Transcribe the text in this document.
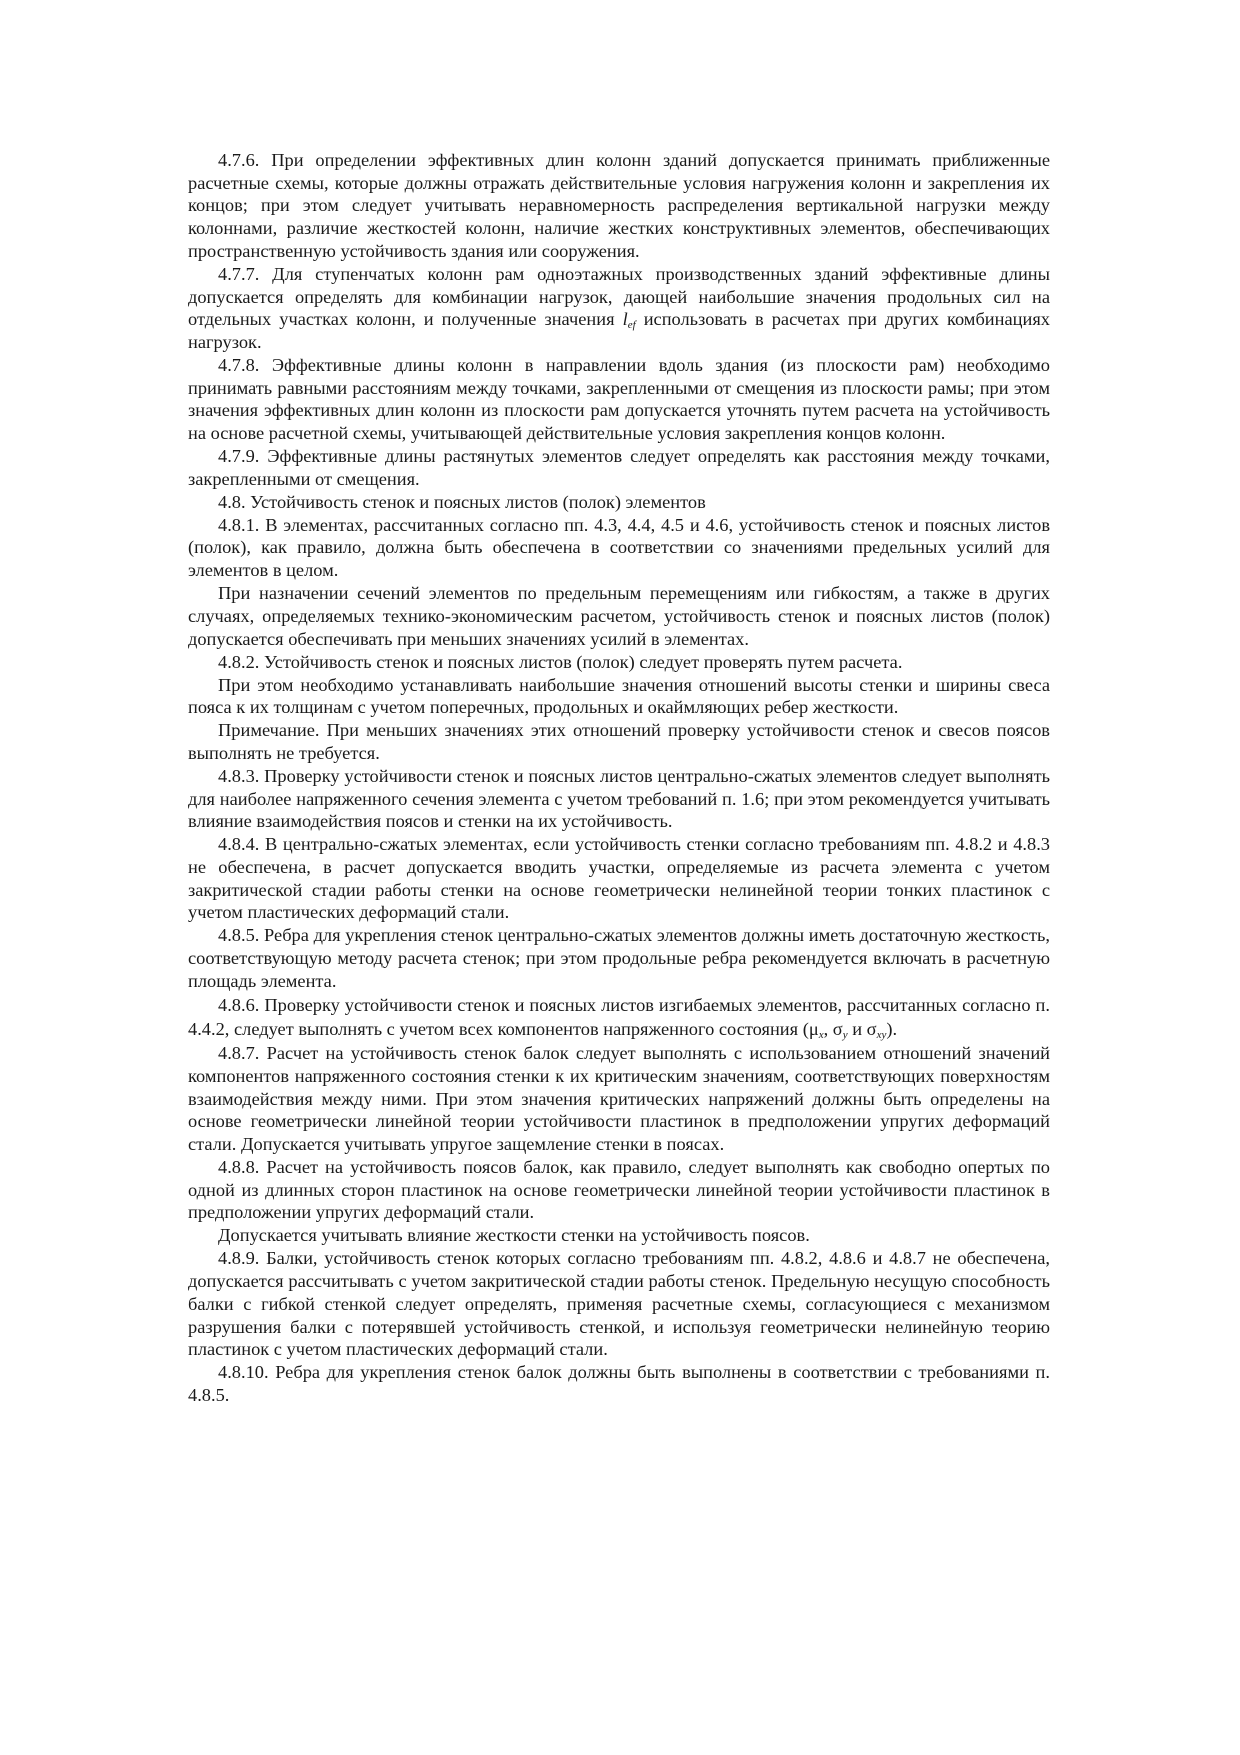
4.7.6. При определении эффективных длин колонн зданий допускается принимать приближенные расчетные схемы, которые должны отражать действительные условия нагружения колонн и закрепления их концов; при этом следует учитывать неравномерность распределения вертикальной нагрузки между колоннами, различие жесткостей колонн, наличие жестких конструктивных элементов, обеспечивающих пространственную устойчивость здания или сооружения.

4.7.7. Для ступенчатых колонн рам одноэтажных производственных зданий эффективные длины допускается определять для комбинации нагрузок, дающей наибольшие значения продольных сил на отдельных участках колонн, и полученные значения $l_{ef}$ использовать в расчетах при других комбинациях нагрузок.

4.7.8. Эффективные длины колонн в направлении вдоль здания (из плоскости рам) необходимо принимать равными расстояниям между точками, закрепленными от смещения из плоскости рамы; при этом значения эффективных длин колонн из плоскости рам допускается уточнять путем расчета на устойчивость на основе расчетной схемы, учитывающей действительные условия закрепления концов колонн.

4.7.9. Эффективные длины растянутых элементов следует определять как расстояния между точками, закрепленными от смещения.

4.8. Устойчивость стенок и поясных листов (полок) элементов

4.8.1. В элементах, рассчитанных согласно пп. 4.3, 4.4, 4.5 и 4.6, устойчивость стенок и поясных листов (полок), как правило, должна быть обеспечена в соответствии со значениями предельных усилий для элементов в целом.

При назначении сечений элементов по предельным перемещениям или гибкостям, а также в других случаях, определяемых технико-экономическим расчетом, устойчивость стенок и поясных листов (полок) допускается обеспечивать при меньших значениях усилий в элементах.

4.8.2. Устойчивость стенок и поясных листов (полок) следует проверять путем расчета.

При этом необходимо устанавливать наибольшие значения отношений высоты стенки и ширины свеса пояса к их толщинам с учетом поперечных, продольных и окаймляющих ребер жесткости.

Примечание. При меньших значениях этих отношений проверку устойчивости стенок и свесов поясов выполнять не требуется.

4.8.3. Проверку устойчивости стенок и поясных листов центрально-сжатых элементов следует выполнять для наиболее напряженного сечения элемента с учетом требований п. 1.6; при этом рекомендуется учитывать влияние взаимодействия поясов и стенки на их устойчивость.

4.8.4. В центрально-сжатых элементах, если устойчивость стенки согласно требованиям пп. 4.8.2 и 4.8.3 не обеспечена, в расчет допускается вводить участки, определяемые из расчета элемента с учетом закритической стадии работы стенки на основе геометрически нелинейной теории тонких пластинок с учетом пластических деформаций стали.

4.8.5. Ребра для укрепления стенок центрально-сжатых элементов должны иметь достаточную жесткость, соответствующую методу расчета стенок; при этом продольные ребра рекомендуется включать в расчетную площадь элемента.

4.8.6. Проверку устойчивости стенок и поясных листов изгибаемых элементов, рассчитанных согласно п. 4.4.2, следует выполнять с учетом всех компонентов напряженного состояния ($\mu_x$, $\sigma_y$ и $\sigma_{xy}$).

4.8.7. Расчет на устойчивость стенок балок следует выполнять с использованием отношений значений компонентов напряженного состояния стенки к их критическим значениям, соответствующих поверхностям взаимодействия между ними. При этом значения критических напряжений должны быть определены на основе геометрически линейной теории устойчивости пластинок в предположении упругих деформаций стали. Допускается учитывать упругое защемление стенки в поясах.

4.8.8. Расчет на устойчивость поясов балок, как правило, следует выполнять как свободно опертых по одной из длинных сторон пластинок на основе геометрически линейной теории устойчивости пластинок в предположении упругих деформаций стали.

Допускается учитывать влияние жесткости стенки на устойчивость поясов.

4.8.9. Балки, устойчивость стенок которых согласно требованиям пп. 4.8.2, 4.8.6 и 4.8.7 не обеспечена, допускается рассчитывать с учетом закритической стадии работы стенок. Предельную несущую способность балки с гибкой стенкой следует определять, применяя расчетные схемы, согласующиеся с механизмом разрушения балки с потерявшей устойчивость стенкой, и используя геометрически нелинейную теорию пластинок с учетом пластических деформаций стали.

4.8.10. Ребра для укрепления стенок балок должны быть выполнены в соответствии с требованиями п. 4.8.5.
